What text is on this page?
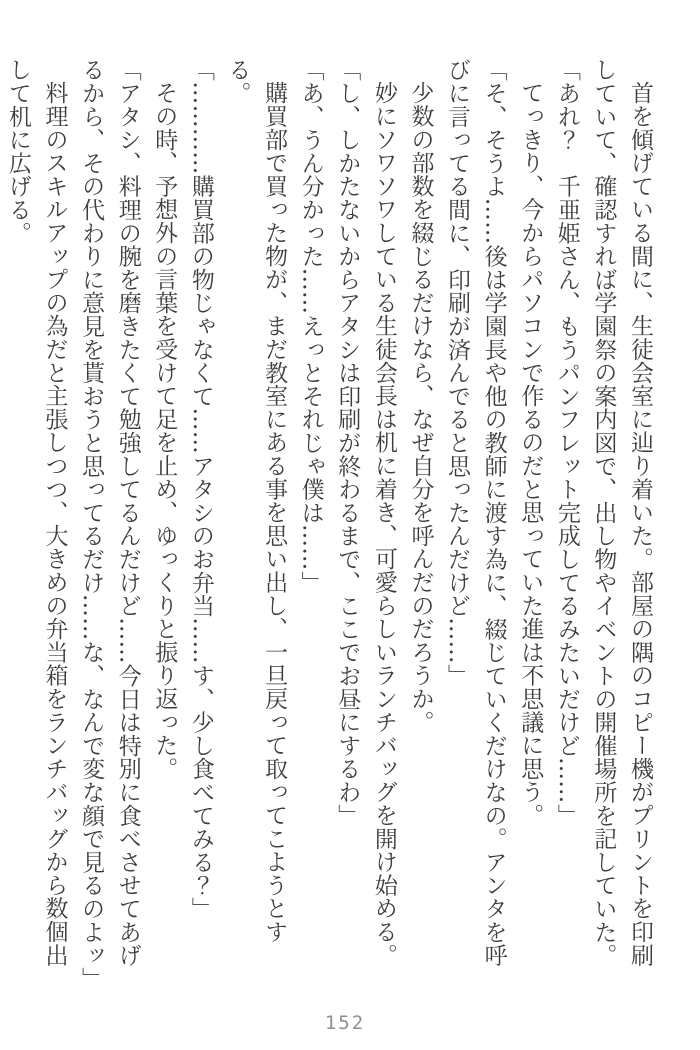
首を傾げている間に、生徒会室に辿り着いた。部屋の隅のコピー機がプリントを印刷していて、確認すれば学園祭の案内図で、出し物やイベントの開催場所を記していた。

「あれ？　千亜姫さん、もうパンフレット完成してるみたいだけど……」

てっきり、今からパソコンで作るのだと思っていた進は不思議に思う。

「そ、そうよ……後は学園長や他の教師に渡す為に、綴じていくだけなの。アンタを呼びに言ってる間に、印刷が済んでると思ったんだけど……」

少数の部数を綴じるだけなら、なぜ自分を呼んだのだろうか。

妙にソワソワしている生徒会長は机に着き、可愛らしいランチバッグを開け始める。

「し、しかたないからアタシは印刷が終わるまで、ここでお昼にするわ」

「あ、うん分かった……えっとそれじゃ僕は……」

購買部で買った物が、まだ教室にある事を思い出し、一旦戻って取ってこようとする。

「…………購買部の物じゃなくて……アタシのお弁当……す、少し食べてみる？」

その時、予想外の言葉を受けて足を止め、ゆっくりと振り返った。

「アタシ、料理の腕を磨きたくて勉強してるんだけど……今日は特別に食べさせてあげるから、その代わりに意見を貰おうと思ってるだけ……な、なんで変な顔で見るのよッ」

料理のスキルアップの為だと主張しつつ、大きめの弁当箱をランチバッグから数個出して机に広げる。

152
